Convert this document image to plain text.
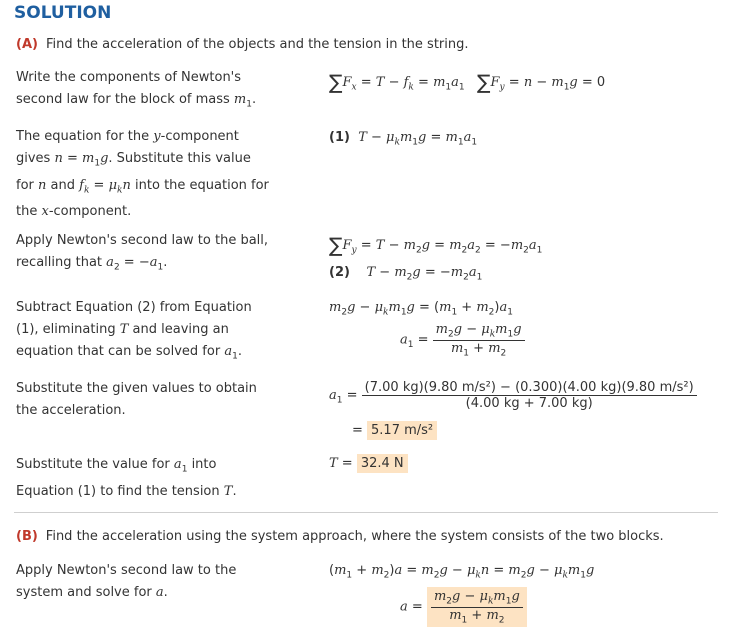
SOLUTION
(A) Find the acceleration of the objects and the tension in the string.
Write the components of Newton's
second law for the block of mass $m_1$.
$\sum F_x = T - f_k = m_1a_1$ $\sum F_y = n - m_1g = 0$
The equation for the y-component
gives $n = m_1g$. Substitute this value
for n and $f_k = \mu_kn$ into the equation for
the x-component.
(1) $T - \mu_km_1g = m_1a_1$
Apply Newton's second law to the ball,
recalling that $a_2 = -a_1$.
$\sum F_y = T - m_2g = m_2a_2 = -m_2a_1$
(2) $T - m_2g = -m_2a_1$
Subtract Equation (2) from Equation
(1), eliminating T and leaving an
equation that can be solved for $a_1$.
$m_2g - \mu_km_1g = (m_1 + m_2)a_1$
$a_1 = \frac{m_2g - \mu_km_1g}{m_1 + m_2}$
Substitute the given values to obtain
the acceleration.
$a_1 = \frac{\text{(7.00 kg)(9.80 m/s²) − (0.300)(4.00 kg)(9.80 m/s²)}}{(4.00 kg + 7.00 kg)}$
= 5.17 m/s²
Substitute the value for $a_1$ into
Equation (1) to find the tension T.
T = 32.4 N
(B) Find the acceleration using the system approach, where the system consists of the two blocks.
Apply Newton's second law to the
system and solve for a.
$(m_1 + m_2)a = m_2g - \mu_kn = m_2g - \mu_km_1g$
$a = \frac{m_2g - \mu_km_1g}{m_1 + m_2}$
